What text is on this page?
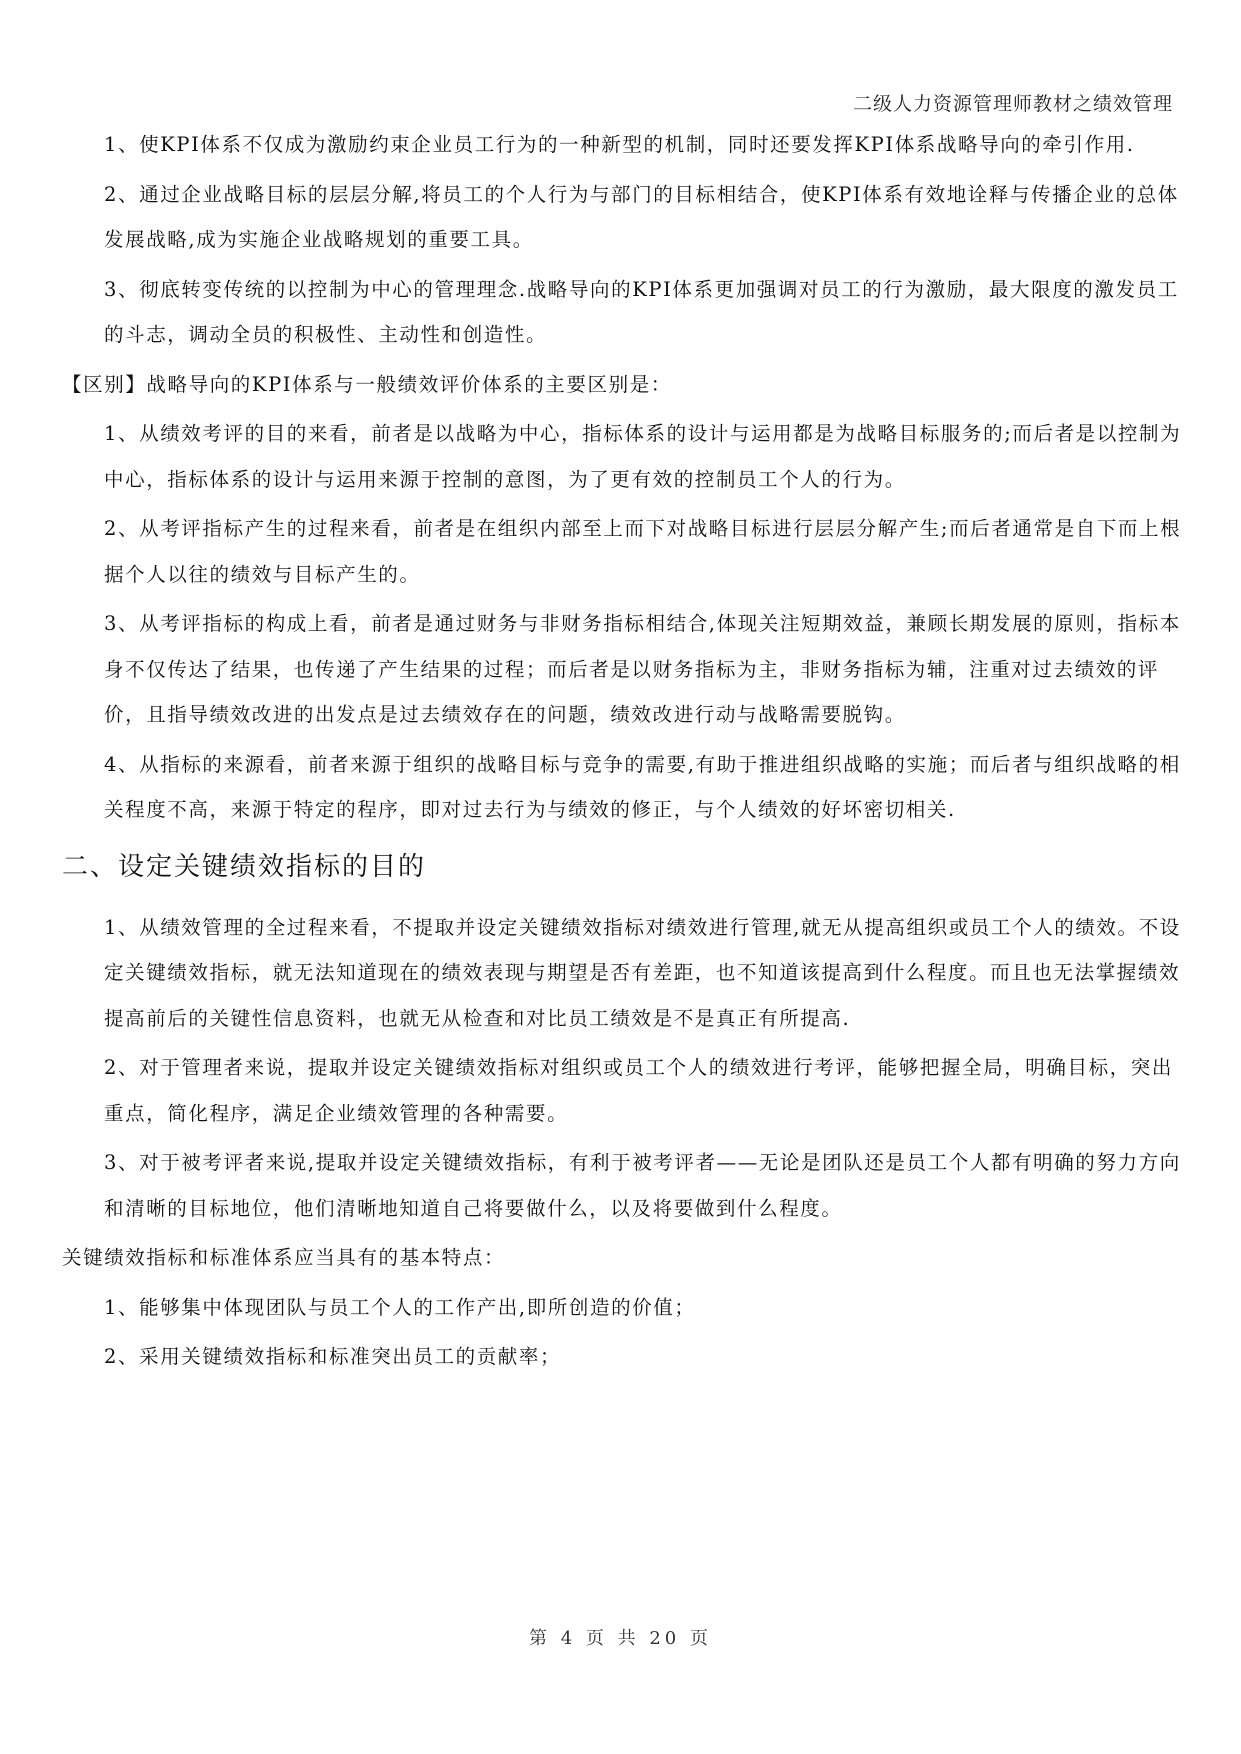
二级人力资源管理师教材之绩效管理

1、使KPI体系不仅成为激励约束企业员工行为的一种新型的机制，同时还要发挥KPI体系战略导向的牵引作用.

2、通过企业战略目标的层层分解,将员工的个人行为与部门的目标相结合，使KPI体系有效地诠释与传播企业的总体发展战略,成为实施企业战略规划的重要工具。

3、彻底转变传统的以控制为中心的管理理念.战略导向的KPI体系更加强调对员工的行为激励，最大限度的激发员工的斗志，调动全员的积极性、主动性和创造性。

【区别】战略导向的KPI体系与一般绩效评价体系的主要区别是：

1、从绩效考评的目的来看，前者是以战略为中心，指标体系的设计与运用都是为战略目标服务的;而后者是以控制为中心，指标体系的设计与运用来源于控制的意图，为了更有效的控制员工个人的行为。

2、从考评指标产生的过程来看，前者是在组织内部至上而下对战略目标进行层层分解产生;而后者通常是自下而上根据个人以往的绩效与目标产生的。

3、从考评指标的构成上看，前者是通过财务与非财务指标相结合,体现关注短期效益，兼顾长期发展的原则，指标本身不仅传达了结果，也传递了产生结果的过程；而后者是以财务指标为主，非财务指标为辅，注重对过去绩效的评价，且指导绩效改进的出发点是过去绩效存在的问题，绩效改进行动与战略需要脱钩。

4、从指标的来源看，前者来源于组织的战略目标与竞争的需要,有助于推进组织战略的实施；而后者与组织战略的相关程度不高，来源于特定的程序，即对过去行为与绩效的修正，与个人绩效的好坏密切相关.

二、设定关键绩效指标的目的

1、从绩效管理的全过程来看，不提取并设定关键绩效指标对绩效进行管理,就无从提高组织或员工个人的绩效。不设定关键绩效指标，就无法知道现在的绩效表现与期望是否有差距，也不知道该提高到什么程度。而且也无法掌握绩效提高前后的关键性信息资料，也就无从检查和对比员工绩效是不是真正有所提高.

2、对于管理者来说，提取并设定关键绩效指标对组织或员工个人的绩效进行考评，能够把握全局，明确目标，突出重点，简化程序，满足企业绩效管理的各种需要。

3、对于被考评者来说,提取并设定关键绩效指标，有利于被考评者——无论是团队还是员工个人都有明确的努力方向和清晰的目标地位，他们清晰地知道自己将要做什么，以及将要做到什么程度。

关键绩效指标和标准体系应当具有的基本特点：

1、能够集中体现团队与员工个人的工作产出,即所创造的价值；

2、采用关键绩效指标和标准突出员工的贡献率；

第 4 页 共 20 页
